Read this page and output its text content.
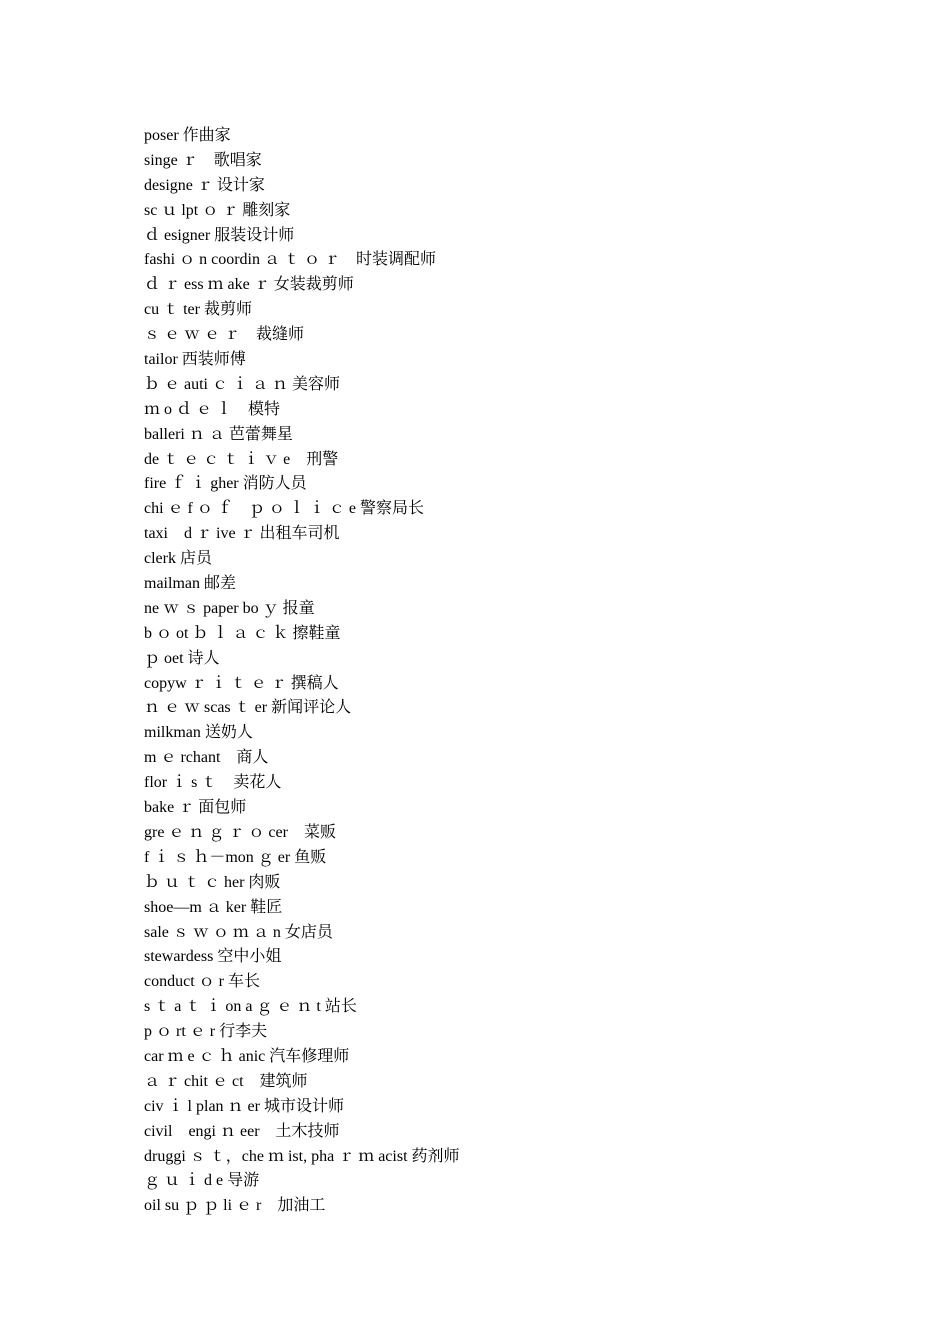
poser 作曲家
singe ｒ　歌唱家
designe ｒ 设计家
sc ｕ lpt ｏ ｒ 雕刻家
ｄ esigner 服装设计师
fashi ｏ n coordin ａ ｔ ｏ ｒ　时装调配师
ｄ ｒ ess ｍ ake ｒ 女装裁剪师
cu ｔ ter 裁剪师
ｓ ｅ ｗ ｅ ｒ　裁缝师
tailor 西装师傅
ｂ ｅ auti ｃ ｉ ａ ｎ 美容师
ｍ o ｄ ｅ ｌ　模特
balleri ｎ ａ 芭蕾舞星
de ｔ ｅ ｃ ｔ ｉ ｖ e　刑警
fire ｆ ｉ gher 消防人员
chi ｅ f ｏ ｆ　ｐ ｏ ｌ ｉ ｃ e 警察局长
taxi　d ｒ ive ｒ 出租车司机
clerk 店员
mailman 邮差
ne ｗ ｓ paper bo ｙ 报童
b ｏ ot ｂ ｌ ａ ｃ ｋ 擦鞋童
ｐ oet 诗人
copyw ｒ ｉ ｔ ｅ ｒ 撰稿人
ｎ ｅ ｗ scas ｔ er 新闻评论人
milkman 送奶人
m ｅ rchant　商人
flor ｉ s ｔ　卖花人
bake ｒ 面包师
gre ｅ ｎ ｇ ｒ ｏ cer　菜贩
f ｉ ｓ ｈ－mon ｇ er 鱼贩
ｂ ｕ ｔ ｃ her 肉贩
shoe—m ａ ker 鞋匠
sale ｓ ｗ ｏ ｍ ａ n 女店员
stewardess 空中小姐
conduct ｏ r 车长
s ｔ a ｔ ｉ on a ｇ ｅ ｎ t 站长
p ｏ rt ｅ r 行李夫
car ｍ e ｃ ｈ anic 汽车修理师
ａ ｒ chit ｅ ct　建筑师
civ ｉ l plan ｎ er 城市设计师
civil　engi ｎ eer　土木技师
druggi ｓ ｔ，che ｍ ist, pha ｒ ｍ acist 药剂师
ｇ ｕ ｉ d e 导游
oil su ｐ ｐ li ｅ r　加油工
